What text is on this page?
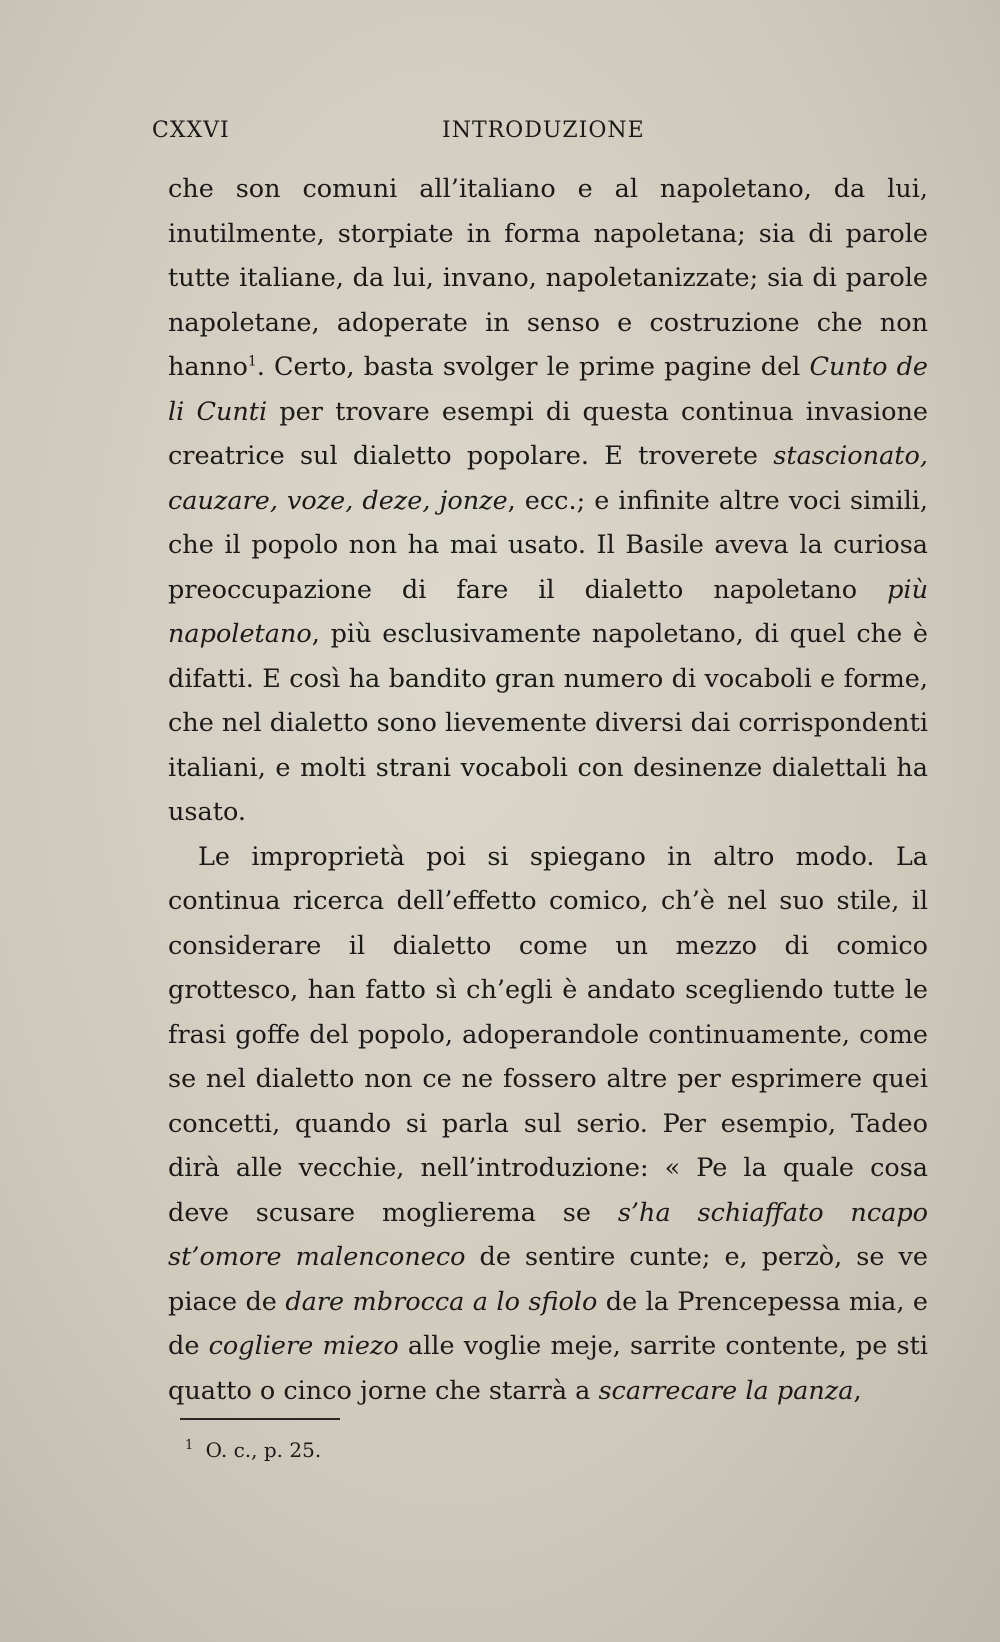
CXXVI	INTRODUZIONE

che son comuni all’italiano e al napoletano, da lui, inutilmente, storpiate in forma napoletana; sia di parole tutte italiane, da lui, invano, napoletanizzate; sia di parole napoletane, adoperate in senso e costruzione che non hanno$^1$. Certo, basta svolger le prime pagine del Cunto de li Cunti per trovare esempi di questa continua invasione creatrice sul dialetto popolare. E troverete stascionato, cauzare, voze, deze, jonze, ecc.; e infinite altre voci simili, che il popolo non ha mai usato. Il Basile aveva la curiosa preoccupazione di fare il dialetto napoletano più napoletano, più esclusivamente napoletano, di quel che è difatti. E così ha bandito gran numero di vocaboli e forme, che nel dialetto sono lievemente diversi dai corrispondenti italiani, e molti strani vocaboli con desinenze dialettali ha usato.

Le improprietà poi si spiegano in altro modo. La continua ricerca dell’effetto comico, ch’è nel suo stile, il considerare il dialetto come un mezzo di comico grottesco, han fatto sì ch’egli è andato scegliendo tutte le frasi goffe del popolo, adoperandole continuamente, come se nel dialetto non ce ne fossero altre per esprimere quei concetti, quando si parla sul serio. Per esempio, Tadeo dirà alle vecchie, nell’introduzione: « Pe la quale cosa deve scusare moglierema se s’ha schiaffato ncapo st’omore malenconeco de sentire cunte; e, perzò, se ve piace de dare mbrocca a lo sfiolo de la Prencepessa mia, e de cogliere miezo alle voglie meje, sarrite contente, pe sti quatto o cinco jorne che starrà a scarrecare la panza,

$^1$ O. c., p. 25.
